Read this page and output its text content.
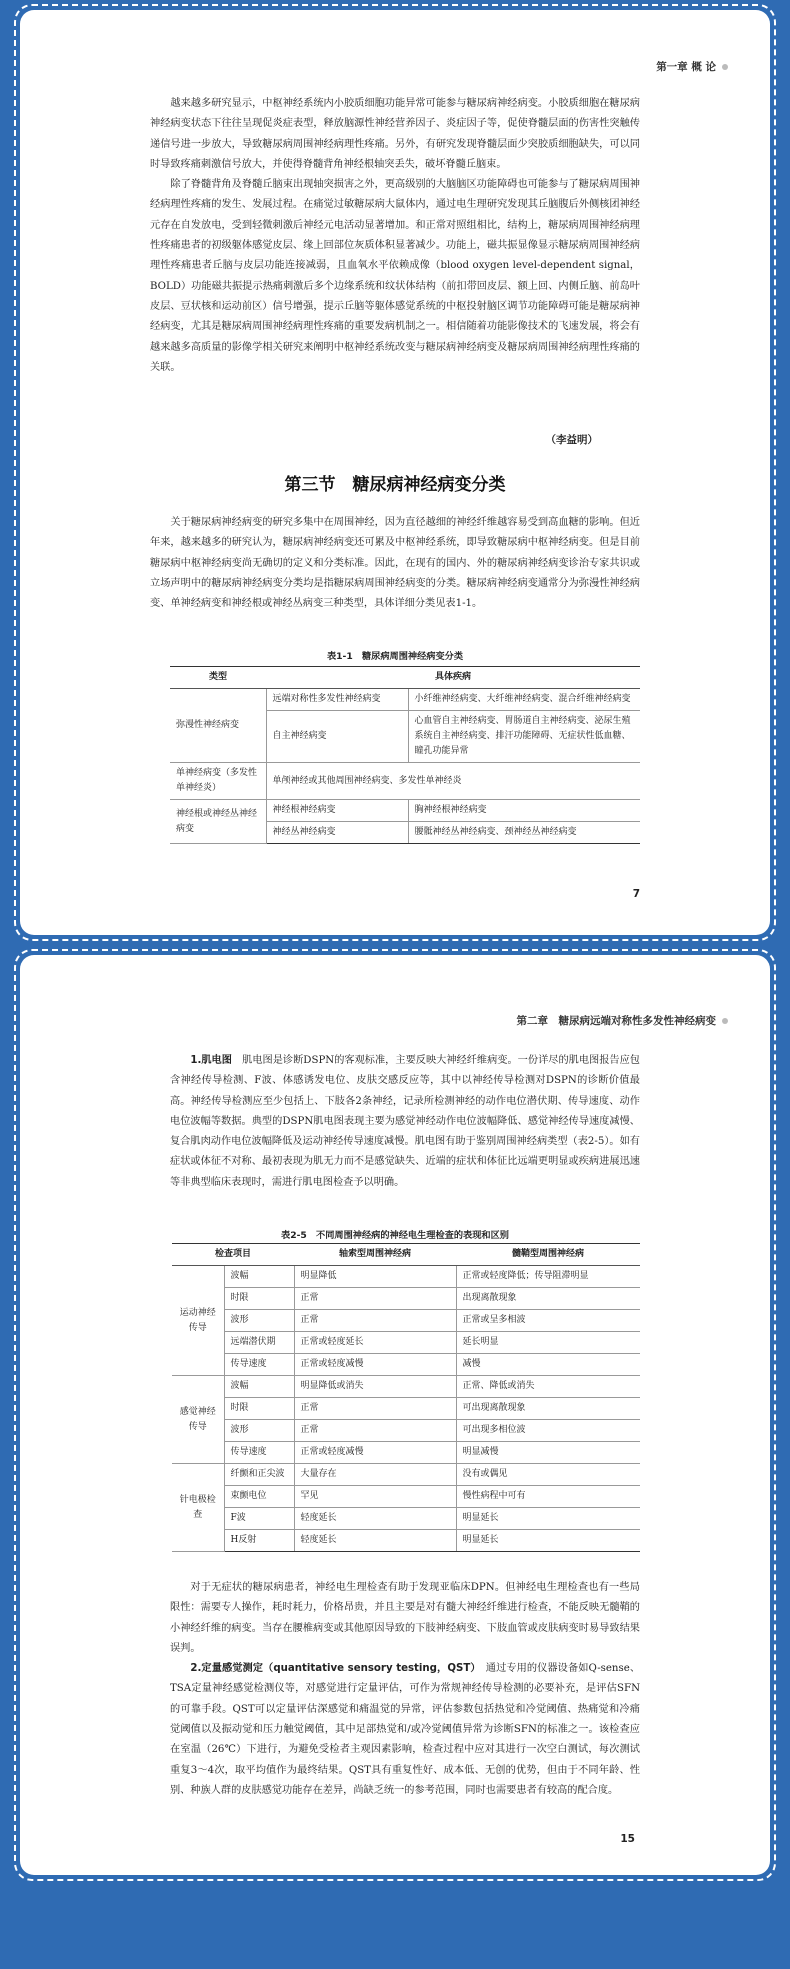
第一章 概 论

越来越多研究显示，中枢神经系统内小胶质细胞功能异常可能参与糖尿病神经病变。小胶质细胞在糖尿病神经病变状态下往往呈现促炎症表型，释放脑源性神经营养因子、炎症因子等，促使脊髓层面的伤害性突触传递信号进一步放大，导致糖尿病周围神经病理性疼痛。另外，有研究发现脊髓层面少突胶质细胞缺失，可以同时导致疼痛刺激信号放大，并使得脊髓背角神经根轴突丢失，破坏脊髓丘脑束。

除了脊髓背角及脊髓丘脑束出现轴突损害之外，更高级别的大脑脑区功能障碍也可能参与了糖尿病周围神经病理性疼痛的发生、发展过程。在痛觉过敏糖尿病大鼠体内，通过电生理研究发现其丘脑腹后外侧核团神经元存在自发放电，受到轻微刺激后神经元电活动显著增加。和正常对照组相比，结构上，糖尿病周围神经病理性疼痛患者的初级躯体感觉皮层、缘上回部位灰质体积显著减少。功能上，磁共振显像显示糖尿病周围神经病理性疼痛患者丘脑与皮层功能连接减弱，且血氧水平依赖成像（blood oxygen level-dependent signal，BOLD）功能磁共振提示热痛刺激后多个边缘系统和纹状体结构（前扣带回皮层、额上回、内侧丘脑、前岛叶皮层、豆状核和运动前区）信号增强，提示丘脑等躯体感觉系统的中枢投射脑区调节功能障碍可能是糖尿病神经病变，尤其是糖尿病周围神经病理性疼痛的重要发病机制之一。相信随着功能影像技术的飞速发展，将会有越来越多高质量的影像学相关研究来阐明中枢神经系统改变与糖尿病神经病变及糖尿病周围神经病理性疼痛的关联。

（李益明）
第三节　糖尿病神经病变分类

关于糖尿病神经病变的研究多集中在周围神经，因为直径越细的神经纤维越容易受到高血糖的影响。但近年来，越来越多的研究认为，糖尿病神经病变还可累及中枢神经系统，即导致糖尿病中枢神经病变。但是目前糖尿病中枢神经病变尚无确切的定义和分类标准。因此，在现有的国内、外的糖尿病神经病变诊治专家共识或立场声明中的糖尿病神经病变分类均是指糖尿病周围神经病变的分类。糖尿病神经病变通常分为弥漫性神经病变、单神经病变和神经根或神经丛病变三种类型，具体详细分类见表1-1。

表1-1　糖尿病周围神经病变分类
类型	具体疾病	
弥漫性神经病变	远端对称性多发性神经病变	小纤维神经病变、大纤维神经病变、混合纤维神经病变
	自主神经病变	心血管自主神经病变、胃肠道自主神经病变、泌尿生殖系统自主神经病变、排汗功能障碍、无症状性低血糖、瞳孔功能异常
单神经病变（多发性单神经炎）	单颅神经或其他周围神经病变、多发性单神经炎	
神经根或神经丛神经病变	神经根神经病变	胸神经根神经病变
	神经丛神经病变	腰骶神经丛神经病变、颈神经丛神经病变
7
第二章　糖尿病远端对称性多发性神经病变

1.肌电图　 肌电图是诊断DSPN的客观标准，主要反映大神经纤维病变。一份详尽的肌电图报告应包含神经传导检测、F波、体感诱发电位、皮肤交感反应等，其中以神经传导检测对DSPN的诊断价值最高。神经传导检测应至少包括上、下肢各2条神经，记录所检测神经的动作电位潜伏期、传导速度、动作电位波幅等数据。典型的DSPN肌电图表现主要为感觉神经动作电位波幅降低、感觉神经传导速度减慢、复合肌肉动作电位波幅降低及运动神经传导速度减慢。肌电图有助于鉴别周围神经病类型（表2-5）。如有症状或体征不对称、最初表现为肌无力而不是感觉缺失、近端的症状和体征比远端更明显或疾病进展迅速等非典型临床表现时，需进行肌电图检查予以明确。

表2-5　不同周围神经病的神经电生理检查的表现和区别
检查项目		轴索型周围神经病	髓鞘型周围神经病
运动神经传导	波幅	明显降低	正常或轻度降低；传导阻滞明显
	时限	正常	出现离散现象
	波形	正常	正常或呈多相波
	远端潜伏期	正常或轻度延长	延长明显
	传导速度	正常或轻度减慢	减慢
感觉神经传导	波幅	明显降低或消失	正常、降低或消失
	时限	正常	可出现离散现象
	波形	正常	可出现多相位波
	传导速度	正常或轻度减慢	明显减慢
针电极检查	纤颤和正尖波	大量存在	没有或偶见
	束颤电位	罕见	慢性病程中可有
	F波	轻度延长	明显延长
	H反射	轻度延长	明显延长

对于无症状的糖尿病患者，神经电生理检查有助于发现亚临床DPN。但神经电生理检查也有一些局限性：需要专人操作，耗时耗力，价格昂贵，并且主要是对有髓大神经纤维进行检查，不能反映无髓鞘的小神经纤维的病变。当存在腰椎病变或其他原因导致的下肢神经病变、下肢血管或皮肤病变时易导致结果误判。

2.定量感觉测定（quantitative sensory testing，QST）　 通过专用的仪器设备如Q-sense、TSA定量神经感觉检测仪等，对感觉进行定量评估，可作为常规神经传导检测的必要补充，是评估SFN的可靠手段。QST可以定量评估深感觉和痛温觉的异常，评估参数包括热觉和冷觉阈值、热痛觉和冷痛觉阈值以及振动觉和压力触觉阈值，其中足部热觉和/或冷觉阈值异常为诊断SFN的标准之一。该检查应在室温（26℃）下进行，为避免受检者主观因素影响，检查过程中应对其进行一次空白测试，每次测试重复3～4次，取平均值作为最终结果。QST具有重复性好、成本低、无创的优势，但由于不同年龄、性别、种族人群的皮肤感觉功能存在差异，尚缺乏统一的参考范围，同时也需要患者有较高的配合度。

15
